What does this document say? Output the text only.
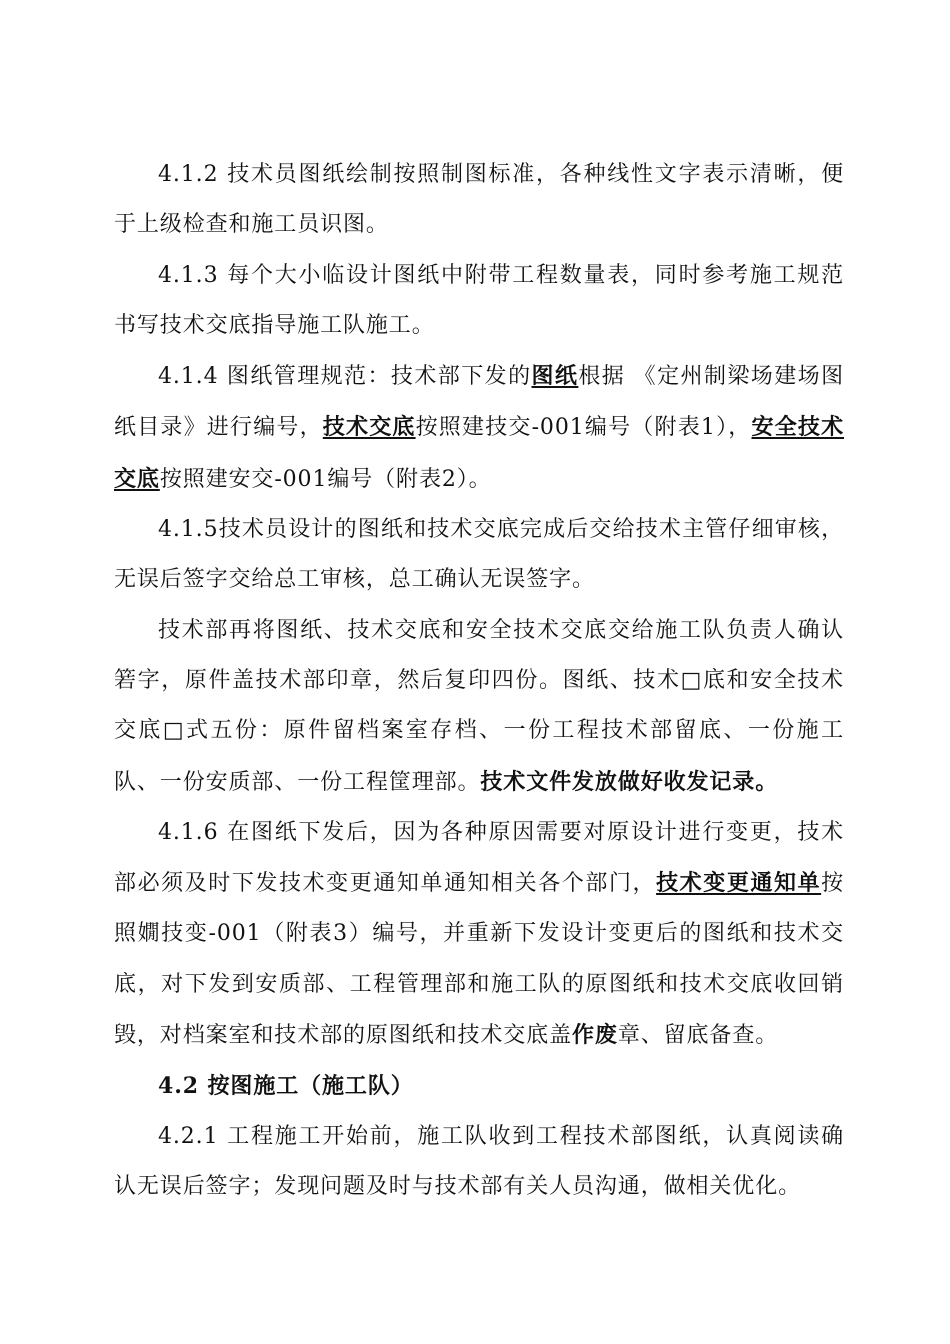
4.1.2 技术员图纸绘制按照制图标准，各种线性文字表示清晰，便于上级检查和施工员识图。

4.1.3 每个大小临设计图纸中附带工程数量表，同时参考施工规范书写技术交底指导施工队施工。

4.1.4 图纸管理规范：技术部下发的图纸根据 《定州制梁场建场图纸目录》进行编号，技术交底按照建技交-001编号（附表1），安全技术交底按照建安交-001编号（附表2）。

4.1.5技术员设计的图纸和技术交底完成后交给技术主管仔细审核，无误后签字交给总工审核，总工确认无误签字。

技术部再将图纸、技术交底和安全技术交底交给施工队负责人确认箬字，原件盖技术部印章，然后复印四份。图纸、技术□底和安全技术交底□式五份：原件留档案室存档、一份工程技术部留底、一份施工队、一份安质部、一份工程筐理部。技术文件发放做好收发记录。

4.1.6 在图纸下发后，因为各种原因需要对原设计进行变更，技术部必须及时下发技术变更通知单通知相关各个部门，技术变更通知单按照嫺技变-001（附表3）编号，并重新下发设计变更后的图纸和技术交底，对下发到安质部、工程管理部和施工队的原图纸和技术交底收回销毁，对档案室和技术部的原图纸和技术交底盖作废章、留底备查。

4.2 按图施工（施工队）

4.2.1 工程施工开始前，施工队收到工程技术部图纸，认真阅读确认无误后签字；发现问题及时与技术部有关人员沟通，做相关优化。
